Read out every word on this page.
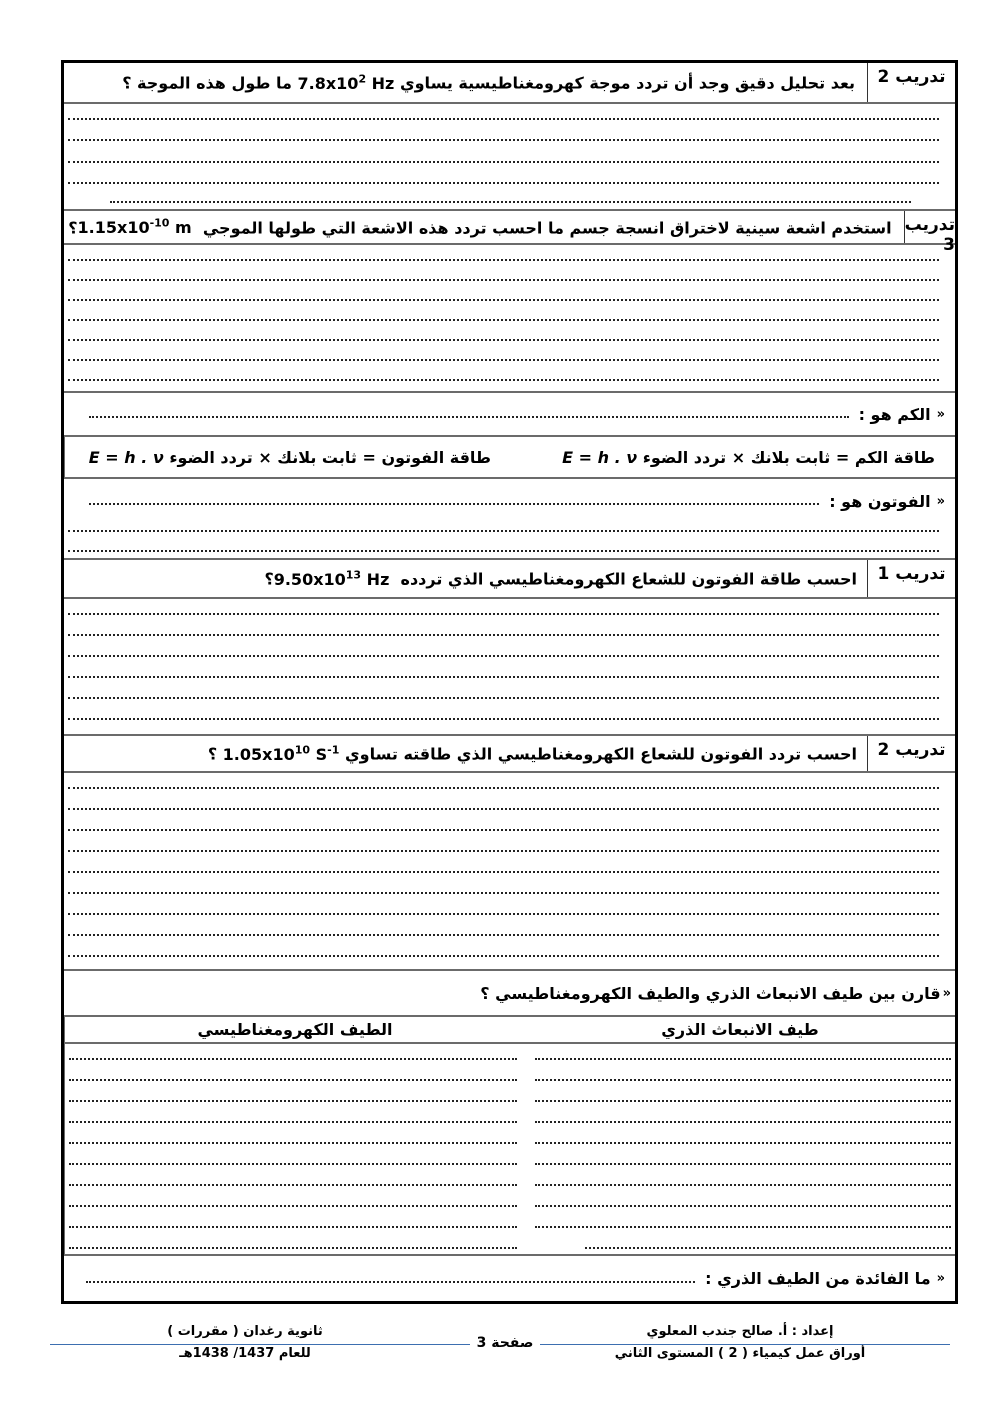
تدريب 2
بعد تحليل دقيق وجد أن تردد موجة كهرومغناطيسية يساوي $7.8x10^2$ Hz ما طول هذه الموجة ؟
تدريب 3
استخدم اشعة سينية لاختراق انسجة جسم ما احسب تردد هذه الاشعة التي طولها الموجي $1.15x10^{-10}$ m ؟
«
الكم هو :
طاقة الكم = ثابت بلانك × تردد الضوء

E = h . ν
طاقة الفوتون = ثابت بلانك × تردد الضوء

E = h . ν
«
الفوتون هو :
تدريب 1
احسب طاقة الفوتون للشعاع الكهرومغناطيسي الذي تردده $9.50x10^{13}$ Hz ؟
تدريب 2
احسب تردد الفوتون للشعاع الكهرومغناطيسي الذي طاقته تساوي $1.05x10^{10}$ $S^{-1}$ ؟
«
قارن بين طيف الانبعاث الذري والطيف الكهرومغناطيسي ؟
طيف الانبعاث الذري
الطيف الكهرومغناطيسي
«
ما الفائدة من الطيف الذري :
إعداد : أ. صالح جندب المعلوي
أوراق عمل كيمياء ( 2 ) المستوى الثاني
صفحة 3
ثانوية رغدان ( مقررات )
للعام 1437/ 1438هـ
